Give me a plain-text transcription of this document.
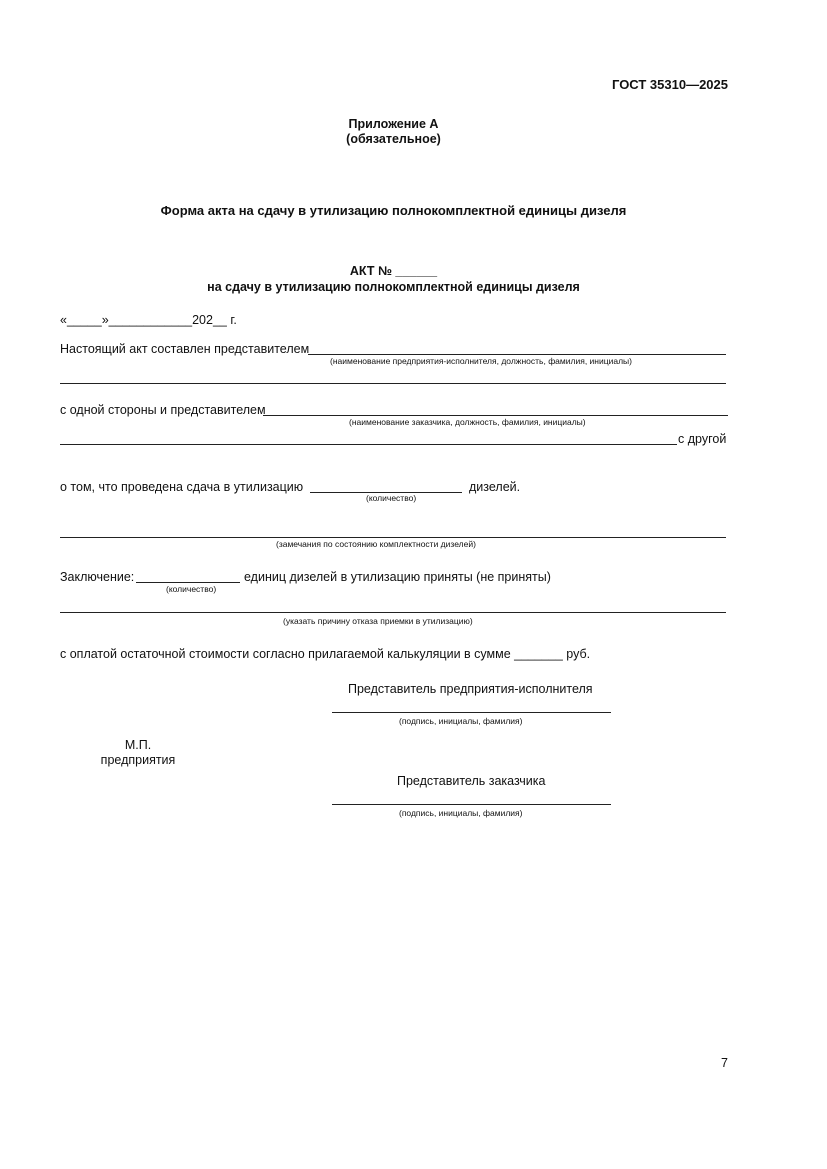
ГОСТ 35310—2025
Приложение А
(обязательное)
Форма акта на сдачу в утилизацию полнокомплектной единицы дизеля
АКТ № ______
на сдачу в утилизацию полнокомплектной единицы дизеля
«_____»____________202__ г.
Настоящий акт составлен представителем
(наименование предприятия-исполнителя, должность, фамилия, инициалы)
с одной стороны и представителем
(наименование заказчика, должность, фамилия, инициалы)
с другой
о том, что проведена сдача в утилизацию	дизелей.
(количество)
(замечания по состоянию комплектности дизелей)
Заключение:	единиц дизелей в утилизацию приняты (не приняты)
(количество)
(указать причину отказа приемки в утилизацию)
с оплатой остаточной стоимости согласно прилагаемой калькуляции в сумме _______ руб.
Представитель предприятия-исполнителя
(подпись, инициалы, фамилия)
М.П.
предприятия
Представитель заказчика
(подпись, инициалы, фамилия)
7
